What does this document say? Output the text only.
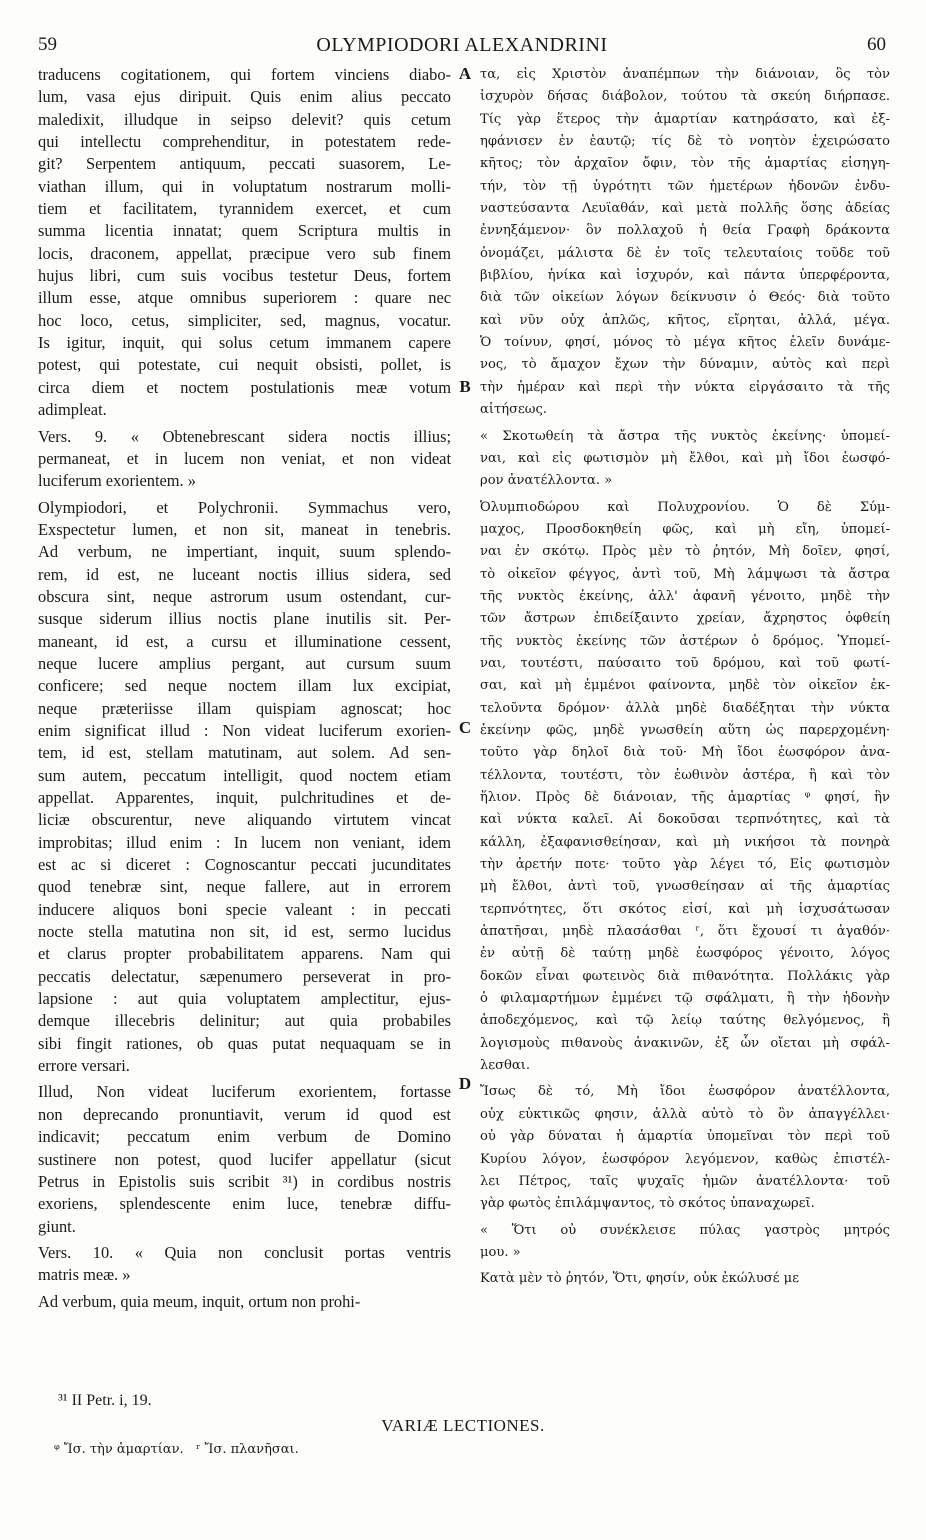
59	OLYMPIODORI ALEXANDRINI	60
traducens cogitationem, qui fortem vinciens diabo-
lum, vasa ejus diripuit. Quis enim alius peccato
maledixit, illudque in seipso delevit? quis cetum
qui intellectu comprehenditur, in potestatem rede-
git? Serpentem antiquum, peccati suasorem, Le-
viathan illum, qui in voluptatum nostrarum molli-
tiem et facilitatem, tyrannidem exercet, et cum
summa licentia innatat; quem Scriptura multis in
locis, draconem, appellat, præcipue vero sub finem
hujus libri, cum suis vocibus testetur Deus, fortem
illum esse, atque omnibus superiorem : quare nec
hoc loco, cetus, simpliciter, sed, magnus, vocatur.
Is igitur, inquit, qui solus cetum immanem capere
potest, qui potestate, cui nequit obsisti, pollet, is
circa diem et noctem postulationis meæ votum
adimpleat.
Vers. 9. « Obtenebrescant sidera noctis illius;
permaneat, et in lucem non veniat, et non videat
luciferum exorientem. »
Olympiodori, et Polychronii. Symmachus vero,
Exspectetur lumen, et non sit, maneat in tenebris.
Ad verbum, ne impertiant, inquit, suum splendo-
rem, id est, ne luceant noctis illius sidera, sed
obscura sint, neque astrorum usum ostendant, cur-
susque siderum illius noctis plane inutilis sit. Per-
maneant, id est, a cursu et illuminatione cessent,
neque lucere amplius pergant, aut cursum suum
conficere; sed neque noctem illam lux excipiat,
neque præteriisse illam quispiam agnoscat; hoc
enim significat illud : Non videat luciferum exorien-
tem, id est, stellam matutinam, aut solem. Ad sen-
sum autem, peccatum intelligit, quod noctem etiam
appellat. Apparentes, inquit, pulchritudines et de-
liciæ obscurentur, neve aliquando virtutem vincat
improbitas; illud enim : In lucem non veniant, idem
est ac si diceret : Cognoscantur peccati jucunditates
quod tenebræ sint, neque fallere, aut in errorem
inducere aliquos boni specie valeant : in peccati
nocte stella matutina non sit, id est, sermo lucidus
et clarus propter probabilitatem apparens. Nam qui
peccatis delectatur, sæpenumero perseverat in pro-
lapsione : aut quia voluptatem amplectitur, ejus-
demque illecebris delinitur; aut quia probabiles
sibi fingit rationes, ob quas putat nequaquam se in
errore versari.
Illud, Non videat luciferum exorientem, fortasse
non deprecando pronuntiavit, verum id quod est
indicavit; peccatum enim verbum de Domino
sustinere non potest, quod lucifer appellatur (sicut
Petrus in Epistolis suis scribit ³¹) in cordibus nostris
exoriens, splendescente enim luce, tenebræ diffu-
giunt.
Vers. 10. « Quia non conclusit portas ventris
matris meæ. »
Ad verbum, quia meum, inquit, ortum non prohi-
τα, εἰς Χριστὸν ἀναπέμπων τὴν διάνοιαν, ὃς τὸν
ἰσχυρὸν δήσας διάβολον, τούτου τὰ σκεύη διήρπασε.
Τίς γὰρ ἕτερος τὴν ἁμαρτίαν κατηράσατο, καὶ ἐξ-
ηφάνισεν ἐν ἑαυτῷ; τίς δὲ τὸ νοητὸν ἐχειρώσατο
κῆτος; τὸν ἀρχαῖον ὄφιν, τὸν τῆς ἁμαρτίας εἰσηγη-
τήν, τὸν τῇ ὑγρότητι τῶν ἡμετέρων ἡδονῶν ἐνδυ-
ναστεύσαντα Λευϊαθάν, καὶ μετὰ πολλῆς ὅσης ἀδείας
ἐννηξάμενον· ὃν πολλαχοῦ ἡ θεία Γραφὴ δράκοντα
ὀνομάζει, μάλιστα δὲ ἐν τοῖς τελευταίοις τοῦδε τοῦ
βιβλίου, ἡνίκα καὶ ἰσχυρόν, καὶ πάντα ὑπερφέροντα,
διὰ τῶν οἰκείων λόγων δείκνυσιν ὁ Θεός· διὰ τοῦτο
καὶ νῦν οὐχ ἁπλῶς, κῆτος, εἴρηται, ἀλλά, μέγα.
Ὁ τοίνυν, φησί, μόνος τὸ μέγα κῆτος ἑλεῖν δυνάμε-
νος, τὸ ἄμαχον ἔχων τὴν δύναμιν, αὐτὸς καὶ περὶ
τὴν ἡμέραν καὶ περὶ τὴν νύκτα εἰργάσαιτο τὰ τῆς
αἰτήσεως.
« Σκοτωθείη τὰ ἄστρα τῆς νυκτὸς ἐκείνης· ὑπομεί-
ναι, καὶ εἰς φωτισμὸν μὴ ἔλθοι, καὶ μὴ ἴδοι ἑωσφό-
ρον ἀνατέλλοντα. »
Ὀλυμπιοδώρου καὶ Πολυχρονίου. Ὁ δὲ Σύμ-
μαχος, Προσδοκηθείη φῶς, καὶ μὴ εἴη, ὑπομεί-
ναι ἐν σκότῳ. Πρὸς μὲν τὸ ῥητόν, Μὴ δοῖεν, φησί,
τὸ οἰκεῖον φέγγος, ἀντὶ τοῦ, Μὴ λάμψωσι τὰ ἄστρα
τῆς νυκτὸς ἐκείνης, ἀλλ' ἀφανῆ γένοιτο, μηδὲ τὴν
τῶν ἄστρων ἐπιδείξαιντο χρείαν, ἄχρηστος ὀφθείη
τῆς νυκτὸς ἐκείνης τῶν ἀστέρων ὁ δρόμος. Ὑπομεί-
ναι, τουτέστι, παύσαιτο τοῦ δρόμου, καὶ τοῦ φωτί-
σαι, καὶ μὴ ἐμμένοι φαίνοντα, μηδὲ τὸν οἰκεῖον ἐκ-
τελοῦντα δρόμον· ἀλλὰ μηδὲ διαδέξηται τὴν νύκτα
ἐκείνην φῶς, μηδὲ γνωσθείη αὕτη ὡς παρερχομένη·
τοῦτο γὰρ δηλοῖ διὰ τοῦ· Μὴ ἴδοι ἑωσφόρον ἀνα-
τέλλοντα, τουτέστι, τὸν ἑωθινὸν ἀστέρα, ἢ καὶ τὸν
ἥλιον. Πρὸς δὲ διάνοιαν, τῆς ἁμαρτίας ᵠ φησί, ἣν
καὶ νύκτα καλεῖ. Αἱ δοκοῦσαι τερπνότητες, καὶ τὰ
κάλλη, ἐξαφανισθείησαν, καὶ μὴ νικήσοι τὰ πονηρὰ
τὴν ἀρετήν ποτε· τοῦτο γὰρ λέγει τό, Εἰς φωτισμὸν
μὴ ἔλθοι, ἀντὶ τοῦ, γνωσθείησαν αἱ τῆς ἁμαρτίας
τερπνότητες, ὅτι σκότος εἰσί, καὶ μὴ ἰσχυσάτωσαν
ἀπατῆσαι, μηδὲ πλασάσθαι ʳ, ὅτι ἔχουσί τι ἀγαθόν·
ἐν αὐτῇ δὲ ταύτῃ μηδὲ ἑωσφόρος γένοιτο, λόγος
δοκῶν εἶναι φωτεινὸς διὰ πιθανότητα. Πολλάκις γὰρ
ὁ φιλαμαρτήμων ἐμμένει τῷ σφάλματι, ἢ τὴν ἡδονὴν
ἀποδεχόμενος, καὶ τῷ λείῳ ταύτης θελγόμενος, ἢ
λογισμοὺς πιθανοὺς ἀνακινῶν, ἐξ ὧν οἴεται μὴ σφάλ-
λεσθαι.
Ἴσως δὲ τό, Μὴ ἴδοι ἑωσφόρον ἀνατέλλοντα,
οὐχ εὐκτικῶς φησιν, ἀλλὰ αὐτὸ τὸ ὂν ἀπαγγέλλει·
οὐ γὰρ δύναται ἡ ἁμαρτία ὑπομεῖναι τὸν περὶ τοῦ
Κυρίου λόγον, ἑωσφόρον λεγόμενον, καθὼς ἐπιστέλ-
λει Πέτρος, ταῖς ψυχαῖς ἡμῶν ἀνατέλλοντα· τοῦ
γὰρ φωτὸς ἐπιλάμψαντος, τὸ σκότος ὑπαναχωρεῖ.
« Ὅτι οὐ συνέκλεισε πύλας γαστρὸς μητρός
μου. »
Κατὰ μὲν τὸ ῥητόν, Ὅτι, φησίν, οὐκ ἐκώλυσέ με
A
B
C
D
³¹ II Petr. i, 19.
VARIÆ LECTIONES.
ᵠ Ἴσ. τὴν ἁμαρτίαν.   ʳ Ἴσ. πλανῆσαι.
